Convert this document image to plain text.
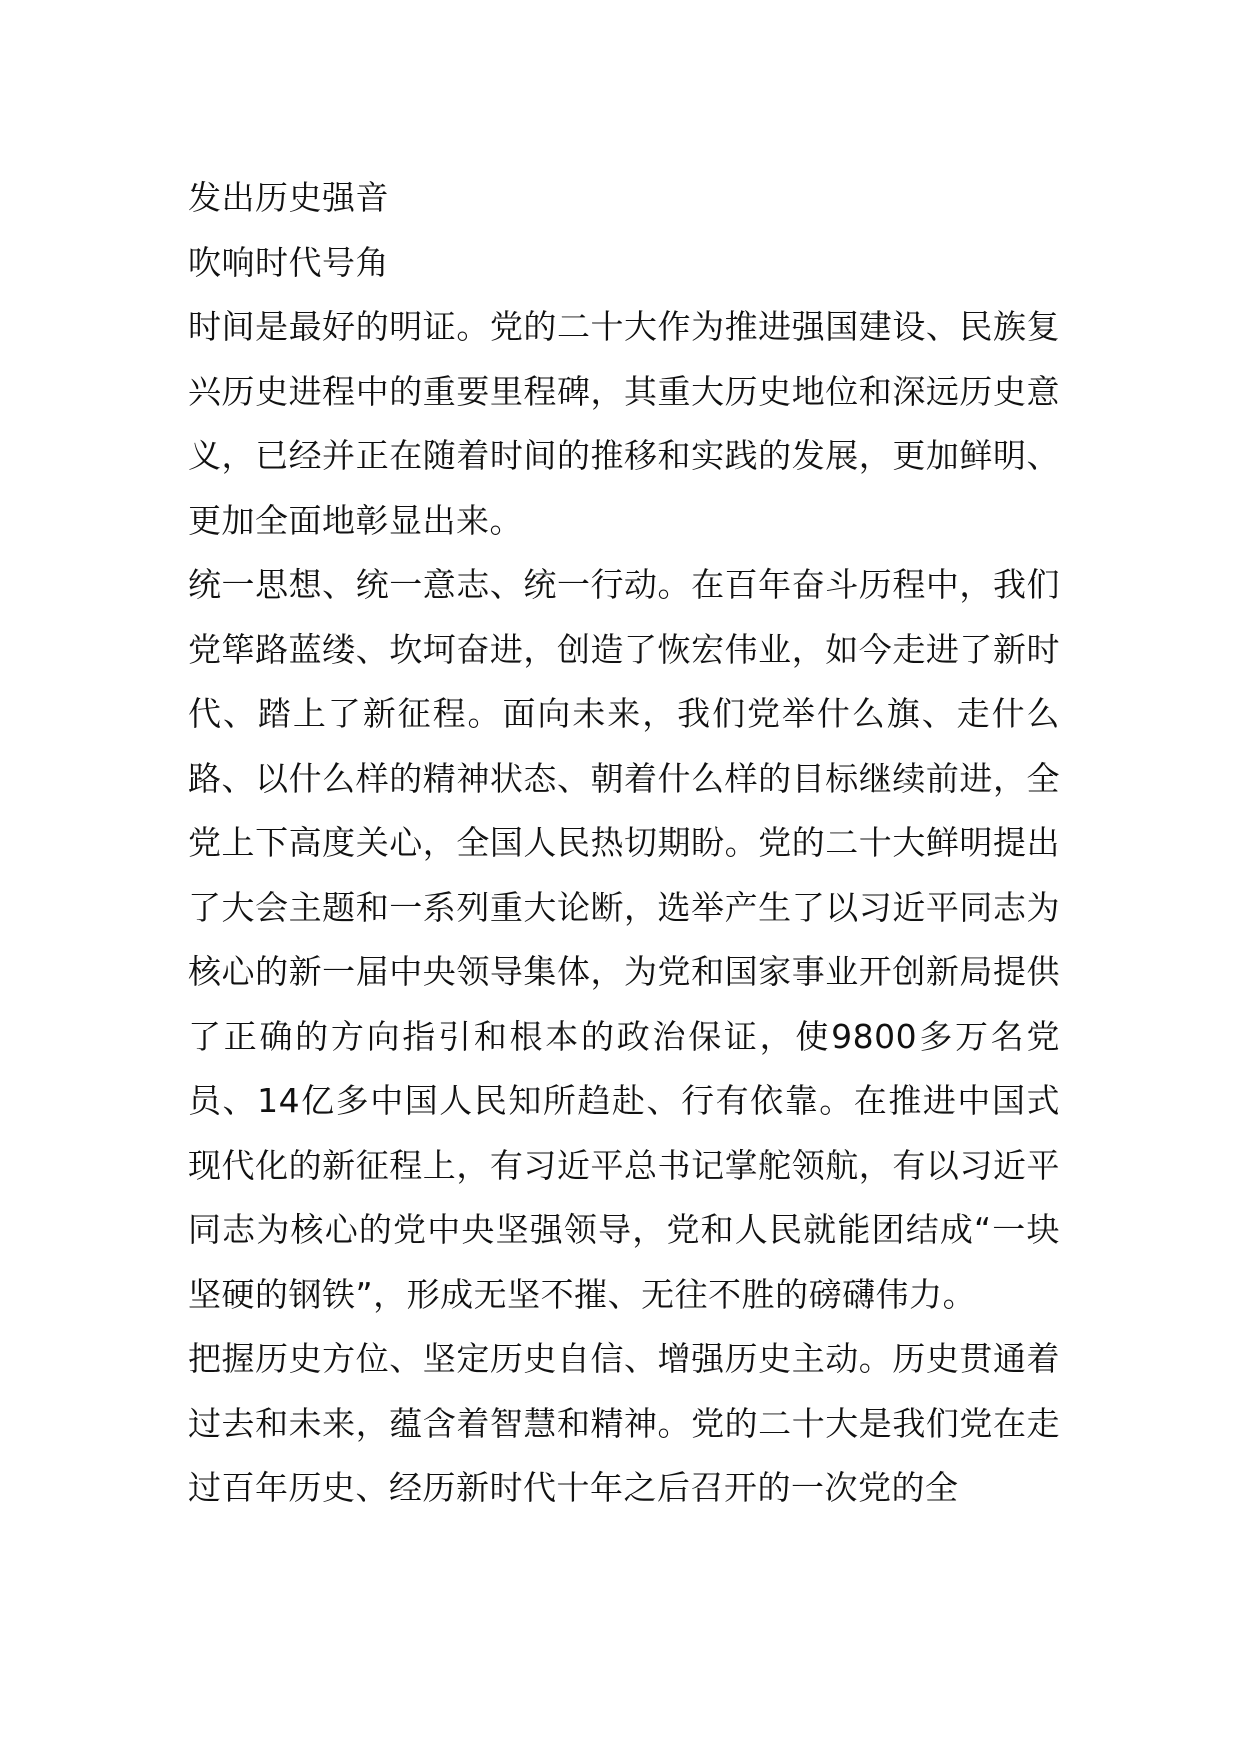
发出历史强音

吹响时代号角

时间是最好的明证。党的二十大作为推进强国建设、民族复兴历史进程中的重要里程碑，其重大历史地位和深远历史意义，已经并正在随着时间的推移和实践的发展，更加鲜明、更加全面地彰显出来。

统一思想、统一意志、统一行动。在百年奋斗历程中，我们党筚路蓝缕、坎坷奋进，创造了恢宏伟业，如今走进了新时代、踏上了新征程。面向未来，我们党举什么旗、走什么路、以什么样的精神状态、朝着什么样的目标继续前进，全党上下高度关心，全国人民热切期盼。党的二十大鲜明提出了大会主题和一系列重大论断，选举产生了以习近平同志为核心的新一届中央领导集体，为党和国家事业开创新局提供了正确的方向指引和根本的政治保证，使9800多万名党员、14亿多中国人民知所趋赴、行有依靠。在推进中国式现代化的新征程上，有习近平总书记掌舵领航，有以习近平同志为核心的党中央坚强领导，党和人民就能团结成“一块坚硬的钢铁”，形成无坚不摧、无往不胜的磅礴伟力。

把握历史方位、坚定历史自信、增强历史主动。历史贯通着过去和未来，蕴含着智慧和精神。党的二十大是我们党在走过百年历史、经历新时代十年之后召开的一次党的全
